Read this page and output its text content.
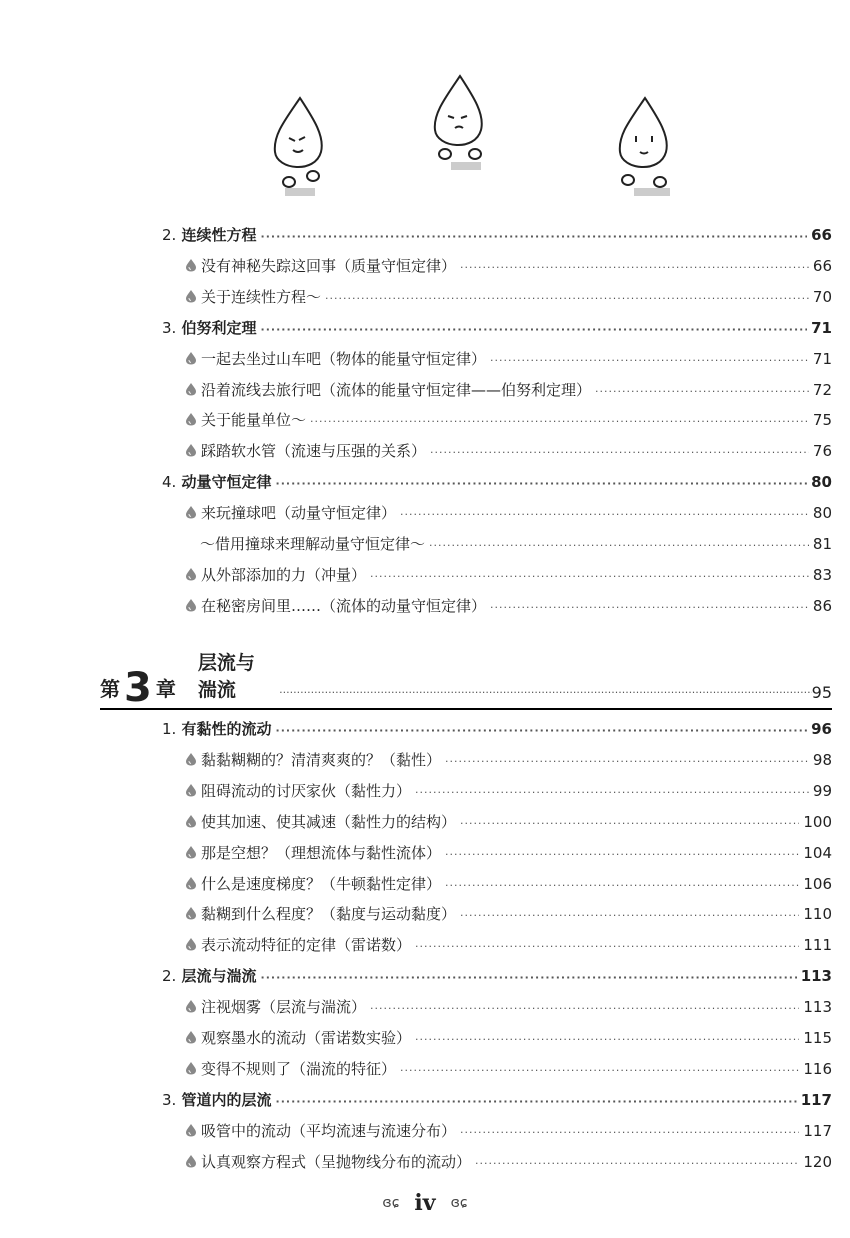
2. 连续性方程 ·····	66
没有神秘失踪这回事（质量守恒定律） ·····	66
关于连续性方程～ ·····	70
3. 伯努利定理 ·····	71
一起去坐过山车吧（物体的能量守恒定律） ·····	71
沿着流线去旅行吧（流体的能量守恒定律——伯努利定理） ·····	72
关于能量单位～ ·····	75
踩踏软水管（流速与压强的关系） ·····	76
4. 动量守恒定律 ·····	80
来玩撞球吧（动量守恒定律） ·····	80
～借用撞球来理解动量守恒定律～ ·····	81
从外部添加的力（冲量） ·····	83
在秘密房间里……（流体的动量守恒定律） ·····	86
第 3 章
层流与湍流 ·····	95
1. 有黏性的流动 ·····	96
黏黏糊糊的？清清爽爽的？（黏性） ·····	98
阻碍流动的讨厌家伙（黏性力） ·····	99
使其加速、使其减速（黏性力的结构） ·····	100
那是空想？（理想流体与黏性流体） ·····	104
什么是速度梯度？（牛顿黏性定律） ·····	106
黏糊到什么程度？（黏度与运动黏度） ·····	110
表示流动特征的定律（雷诺数） ·····	111
2. 层流与湍流 ·····	113
注视烟雾（层流与湍流） ·····	113
观察墨水的流动（雷诺数实验） ·····	115
变得不规则了（湍流的特征） ·····	116
3. 管道内的层流 ·····	117
吸管中的流动（平均流速与流速分布） ·····	117
认真观察方程式（呈抛物线分布的流动） ·····	120
ɞɕ iv ɞɕ
